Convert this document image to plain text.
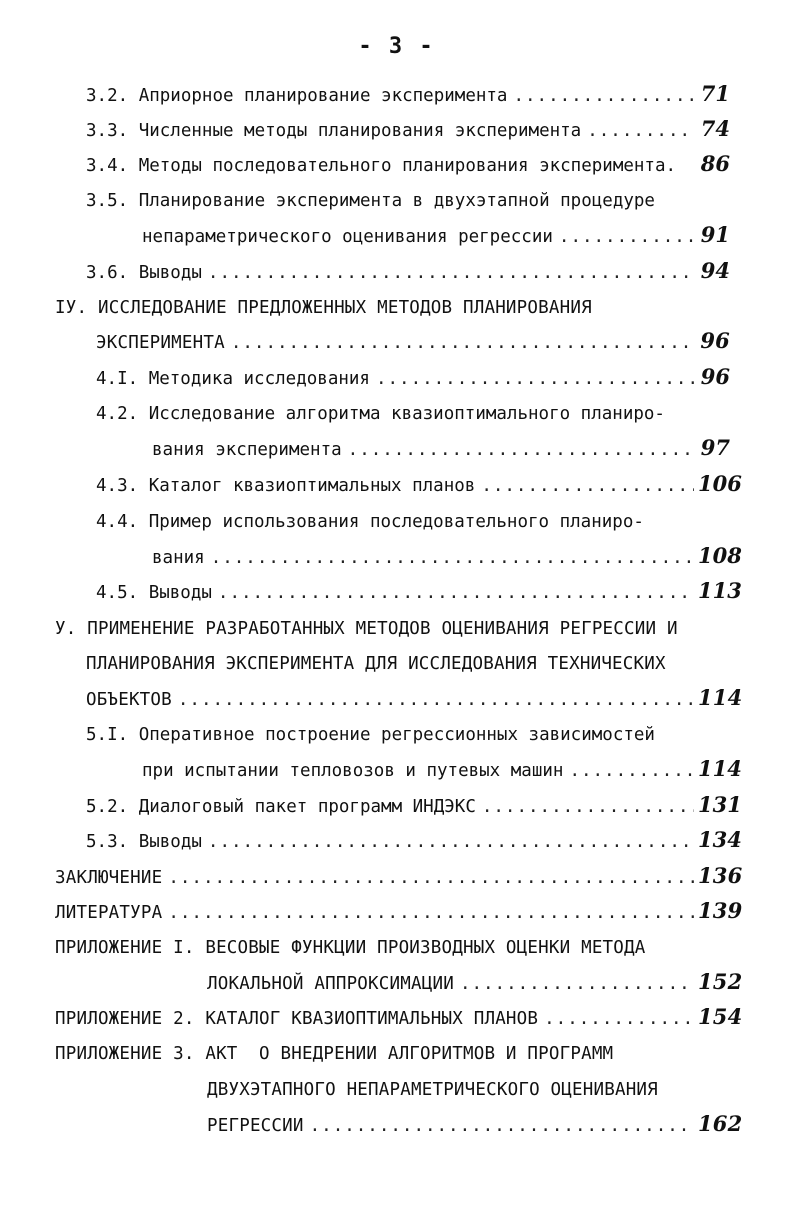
- 3 -
3.2.
Априорное планирование эксперимента .....	71
3.3.
Численные методы планирования эксперимента .....	74
3.4.
Методы последовательного планирования эксперимента. 86
3.5.
Планирование эксперимента в двухэтапной процедуре
непараметрического оценивания регрессии .....	91
3.6.
Выводы .....	94
IУ.
ИССЛЕДОВАНИЕ ПРЕДЛОЖЕННЫХ МЕТОДОВ ПЛАНИРОВАНИЯ
ЭКСПЕРИМЕНТА .....	96
4.I.
Методика исследования .....	96
4.2.
Исследование алгоритма квазиоптимального планиро-
вания эксперимента .....	97
4.3.
Каталог квазиоптимальных планов .....	106
4.4.
Пример использования последовательного планиро-
вания .....	108
4.5.
Выводы .....	113
У.
ПРИМЕНЕНИЕ РАЗРАБОТАННЫХ МЕТОДОВ ОЦЕНИВАНИЯ РЕГРЕССИИ И
ПЛАНИРОВАНИЯ ЭКСПЕРИМЕНТА ДЛЯ ИССЛЕДОВАНИЯ ТЕХНИЧЕСКИХ
ОБЪЕКТОВ .....	114
5.I.
Оперативное построение регрессионных зависимостей
при испытании тепловозов и путевых машин .....	114
5.2.
Диалоговый пакет программ ИНДЭКС .....	131
5.3.
Выводы .....	134
ЗАКЛЮЧЕНИЕ .....	136
ЛИТЕРАТУРА .....	139
ПРИЛОЖЕНИЕ I.
ВЕСОВЫЕ ФУНКЦИИ ПРОИЗВОДНЫХ ОЦЕНКИ МЕТОДА
ЛОКАЛЬНОЙ АППРОКСИМАЦИИ .....	152
ПРИЛОЖЕНИЕ 2.
КАТАЛОГ КВАЗИОПТИМАЛЬНЫХ ПЛАНОВ .....	154
ПРИЛОЖЕНИЕ 3.
АКТ  О ВНЕДРЕНИИ АЛГОРИТМОВ И ПРОГРАММ
ДВУХЭТАПНОГО НЕПАРАМЕТРИЧЕСКОГО ОЦЕНИВАНИЯ
РЕГРЕССИИ .....	162
